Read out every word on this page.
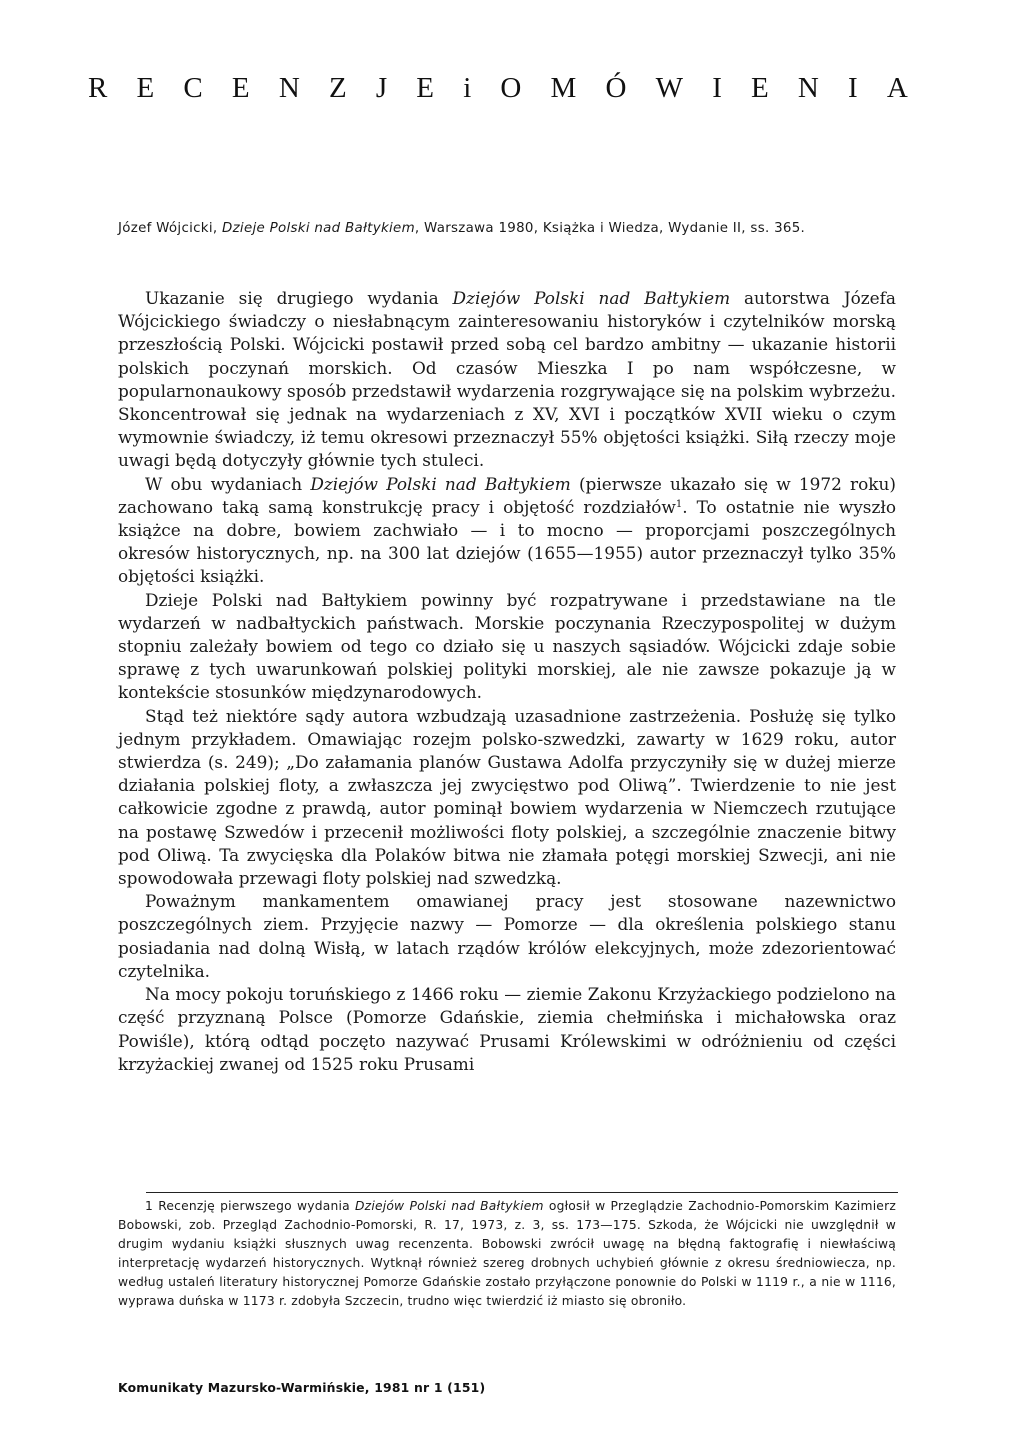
R E C E N Z J E i O M Ó W I E N I A
Józef Wójcicki, Dzieje Polski nad Bałtykiem, Warszawa 1980, Książka i Wiedza, Wydanie II, ss. 365.

Ukazanie się drugiego wydania Dziejów Polski nad Bałtykiem autorstwa Józefa Wójcickiego świadczy o niesłabnącym zainteresowaniu historyków i czytelników morską przeszłością Polski. Wójcicki postawił przed sobą cel bardzo ambitny — ukazanie historii polskich poczynań morskich. Od czasów Mieszka I po nam współczesne, w popularnonaukowy sposób przedstawił wydarzenia rozgrywające się na polskim wybrzeżu. Skoncentrował się jednak na wydarzeniach z XV, XVI i początków XVII wieku o czym wymownie świadczy, iż temu okresowi przeznaczył 55% objętości książki. Siłą rzeczy moje uwagi będą dotyczyły głównie tych stuleci.

W obu wydaniach Dziejów Polski nad Bałtykiem (pierwsze ukazało się w 1972 roku) zachowano taką samą konstrukcję pracy i objętość rozdziałów$^1$. To ostatnie nie wyszło książce na dobre, bowiem zachwiało — i to mocno — proporcjami poszczególnych okresów historycznych, np. na 300 lat dziejów (1655—1955) autor przeznaczył tylko 35% objętości książki.

Dzieje Polski nad Bałtykiem powinny być rozpatrywane i przedstawiane na tle wydarzeń w nadbałtyckich państwach. Morskie poczynania Rzeczypospolitej w dużym stopniu zależały bowiem od tego co działo się u naszych sąsiadów. Wójcicki zdaje sobie sprawę z tych uwarunkowań polskiej polityki morskiej, ale nie zawsze pokazuje ją w kontekście stosunków międzynarodowych.

Stąd też niektóre sądy autora wzbudzają uzasadnione zastrzeżenia. Posłużę się tylko jednym przykładem. Omawiając rozejm polsko-szwedzki, zawarty w 1629 roku, autor stwierdza (s. 249); „Do załamania planów Gustawa Adolfa przyczyniły się w dużej mierze działania polskiej floty, a zwłaszcza jej zwycięstwo pod Oliwą”. Twierdzenie to nie jest całkowicie zgodne z prawdą, autor pominął bowiem wydarzenia w Niemczech rzutujące na postawę Szwedów i przecenił możliwości floty polskiej, a szczególnie znaczenie bitwy pod Oliwą. Ta zwycięska dla Polaków bitwa nie złamała potęgi morskiej Szwecji, ani nie spowodowała przewagi floty polskiej nad szwedzką.

Poważnym mankamentem omawianej pracy jest stosowane nazewnictwo poszczególnych ziem. Przyjęcie nazwy — Pomorze — dla określenia polskiego stanu posiadania nad dolną Wisłą, w latach rządów królów elekcyjnych, może zdezorientować czytelnika.

Na mocy pokoju toruńskiego z 1466 roku — ziemie Zakonu Krzyżackiego podzielono na część przyznaną Polsce (Pomorze Gdańskie, ziemia chełmińska i michałowska oraz Powiśle), którą odtąd poczęto nazywać Prusami Królewskimi w odróżnieniu od części krzyżackiej zwanej od 1525 roku Prusami

1 Recenzję pierwszego wydania Dziejów Polski nad Bałtykiem ogłosił w Przeglądzie Zachodnio-Pomorskim Kazimierz Bobowski, zob. Przegląd Zachodnio-Pomorski, R. 17, 1973, z. 3, ss. 173—175. Szkoda, że Wójcicki nie uwzględnił w drugim wydaniu książki słusznych uwag recenzenta. Bobowski zwrócił uwagę na błędną faktografię i niewłaściwą interpretację wydarzeń historycznych. Wytknął również szereg drobnych uchybień głównie z okresu średniowiecza, np. według ustaleń literatury historycznej Pomorze Gdańskie zostało przyłączone ponownie do Polski w 1119 r., a nie w 1116, wyprawa duńska w 1173 r. zdobyła Szczecin, trudno więc twierdzić iż miasto się obroniło.

Komunikaty Mazursko-Warmińskie, 1981 nr 1 (151)
